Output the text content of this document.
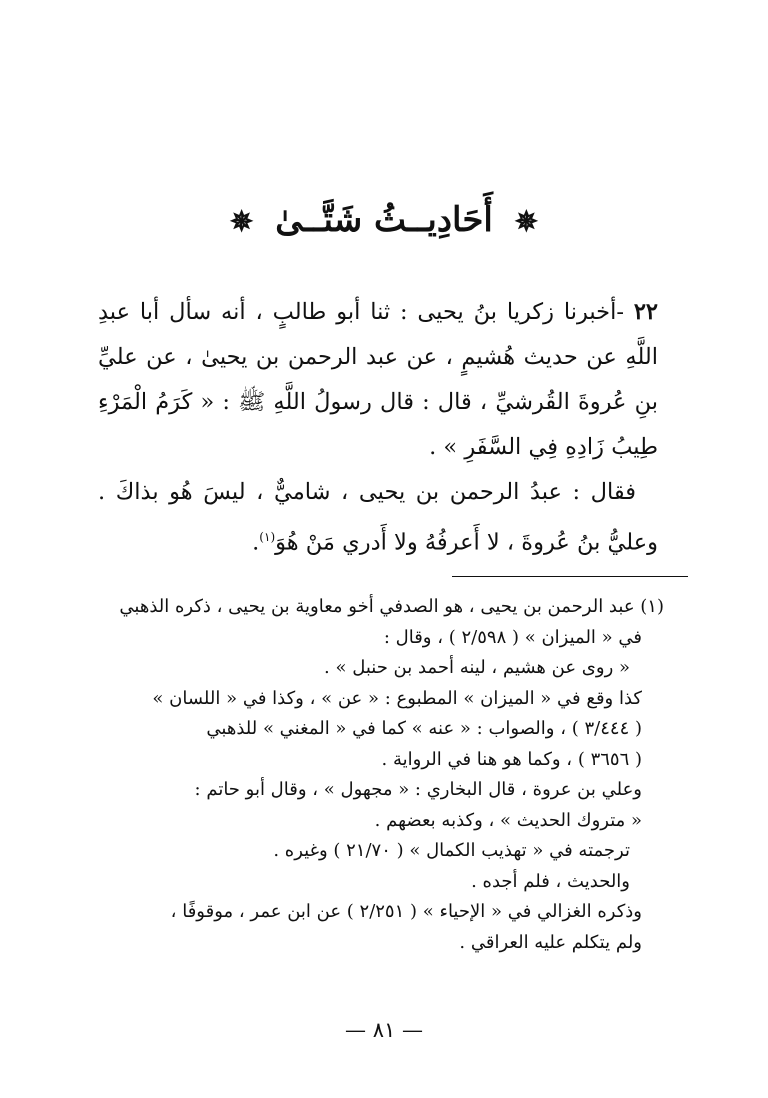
✵ أَحَادِيــثُ شَتَّــىٰ ✵

٢٢ -أخبرنا زكريا بنُ يحيى : ثنا أبو طالبٍ ، أنه سأل أبا عبدِ اللَّهِ عن حديث هُشيمٍ ، عن عبد الرحمن بن يحيىٰ ، عن عليِّ بنِ عُروةَ القُرشيِّ ، قال : قال رسولُ اللَّهِ ﷺ : « كَرَمُ الْمَرْءِ طِيبُ زَادِهِ فِي السَّفَرِ » .

فقال : عبدُ الرحمن بن يحيى ، شاميٌّ ، ليسَ هُو بذاكَ . وعليُّ بنُ عُروةَ ، لا أَعرفُهُ ولا أَدري مَنْ هُوَ$^{(١)}$.

(١) عبد الرحمن بن يحيى ، هو الصدفي أخو معاوية بن يحيى ، ذكره الذهبي

في « الميزان » ( ٢/٥٩٨ ) ، وقال :

« روى عن هشيم ، لينه أحمد بن حنبل » .

كذا وقع في « الميزان » المطبوع : « عن » ، وكذا في « اللسان »

( ٣/٤٤٤ ) ، والصواب : « عنه » كما في « المغني » للذهبي

( ٣٦٥٦ ) ، وكما هو هنا في الرواية .

وعلي بن عروة ، قال البخاري : « مجهول » ، وقال أبو حاتم :

« متروك الحديث » ، وكذبه بعضهم .

ترجمته في « تهذيب الكمال » ( ٢١/٧٠ ) وغيره .

والحديث ، فلم أجده .

وذكره الغزالي في « الإحياء » ( ٢/٢٥١ ) عن ابن عمر ، موقوفًا ،

ولم يتكلم عليه العراقي .

— ٨١ —
